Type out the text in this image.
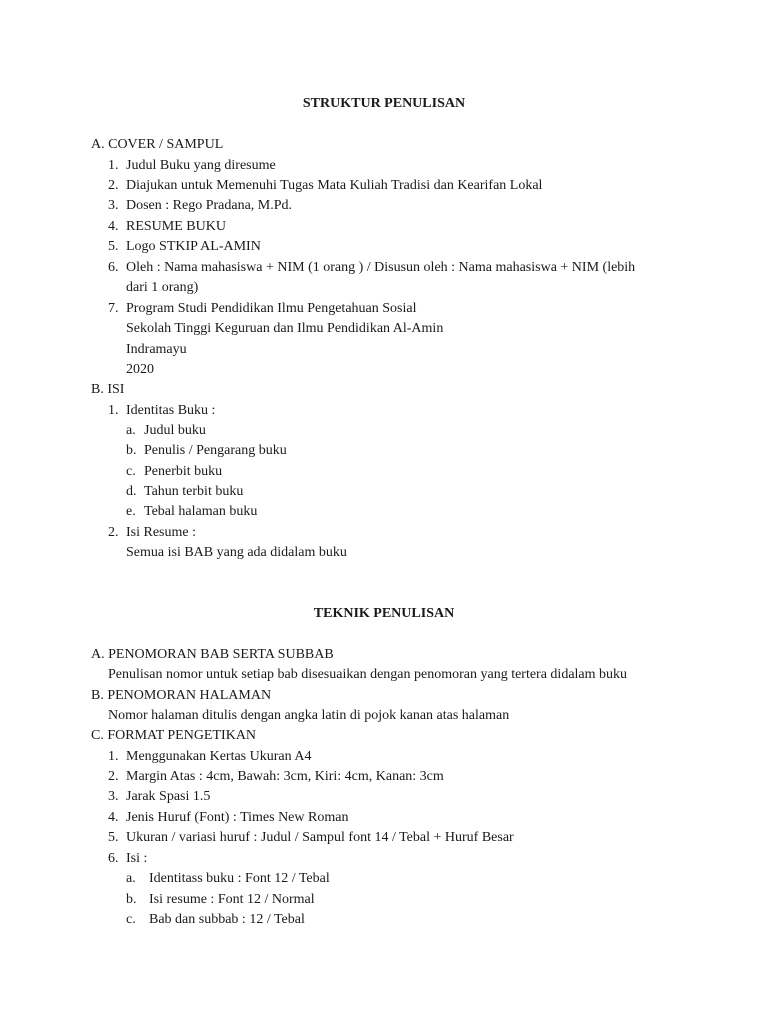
STRUKTUR PENULISAN
A. COVER / SAMPUL
1. Judul Buku yang diresume
2. Diajukan untuk Memenuhi Tugas Mata Kuliah Tradisi dan Kearifan Lokal
3. Dosen : Rego Pradana, M.Pd.
4. RESUME BUKU
5. Logo STKIP AL-AMIN
6. Oleh : Nama mahasiswa + NIM (1 orang ) / Disusun oleh : Nama mahasiswa + NIM (lebih
dari 1 orang)
7. Program Studi Pendidikan Ilmu Pengetahuan Sosial
Sekolah Tinggi Keguruan dan Ilmu Pendidikan Al-Amin
Indramayu
2020
B. ISI
1. Identitas Buku :
a. Judul buku
b. Penulis / Pengarang buku
c. Penerbit buku
d. Tahun terbit buku
e. Tebal halaman buku
2. Isi Resume :
Semua isi BAB yang ada didalam buku
TEKNIK PENULISAN
A. PENOMORAN BAB SERTA SUBBAB
Penulisan nomor untuk setiap bab disesuaikan dengan penomoran yang tertera didalam buku
B. PENOMORAN HALAMAN
Nomor halaman ditulis dengan angka latin di pojok kanan atas halaman
C. FORMAT PENGETIKAN
1. Menggunakan Kertas Ukuran A4
2. Margin Atas : 4cm, Bawah: 3cm, Kiri: 4cm, Kanan: 3cm
3. Jarak Spasi 1.5
4. Jenis Huruf (Font) : Times New Roman
5. Ukuran / variasi huruf : Judul / Sampul font 14 / Tebal + Huruf Besar
6. Isi :
a. Identitass buku : Font 12 / Tebal
b. Isi resume : Font 12 / Normal
c. Bab dan subbab : 12 / Tebal
